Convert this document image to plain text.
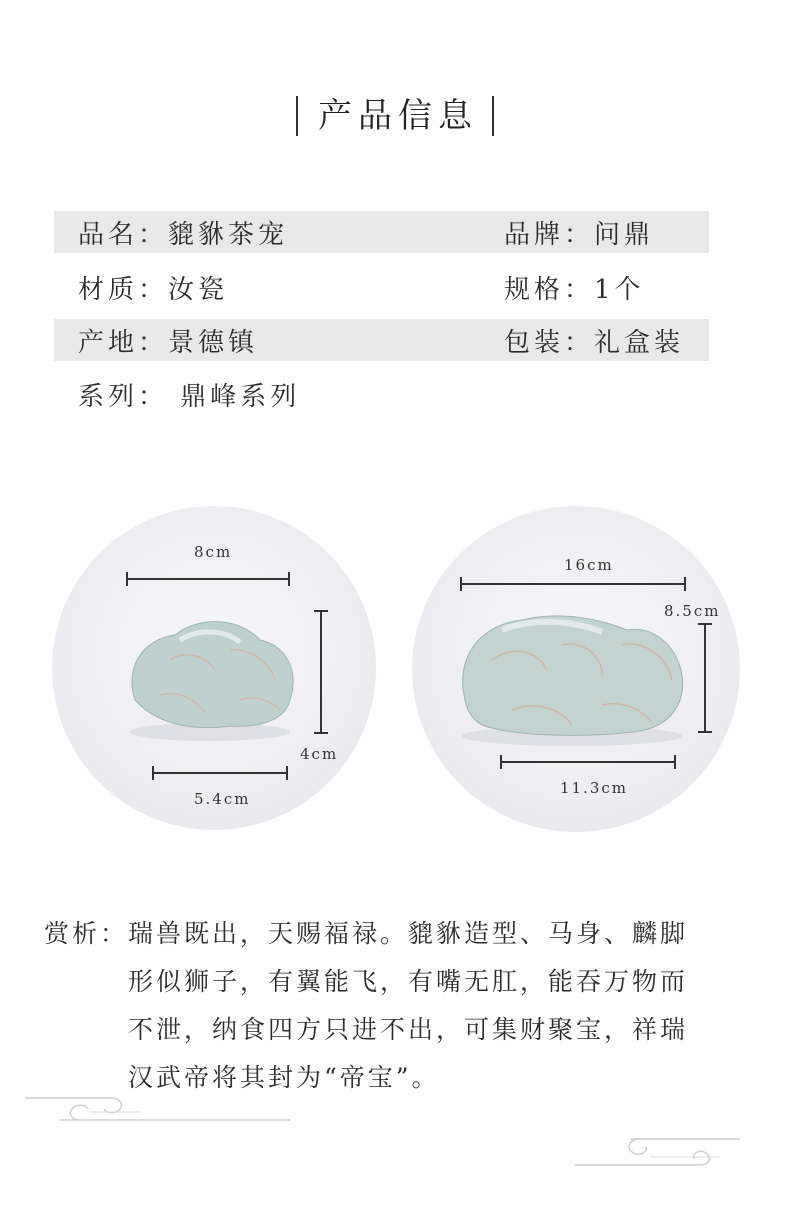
产品信息
品名：貔貅茶宠	品牌：问鼎
材质：汝瓷	规格：1个
产地：景德镇	包装：礼盒装
系列： 鼎峰系列
8cm
4cm
5.4cm
16cm
8.5cm
11.3cm
赏析： 瑞兽既出，天赐福禄。貔貅造型、马身、麟脚
形似狮子，有翼能飞，有嘴无肛，能吞万物而
不泄，纳食四方只进不出，可集财聚宝，祥瑞
汉武帝将其封为“帝宝”。
